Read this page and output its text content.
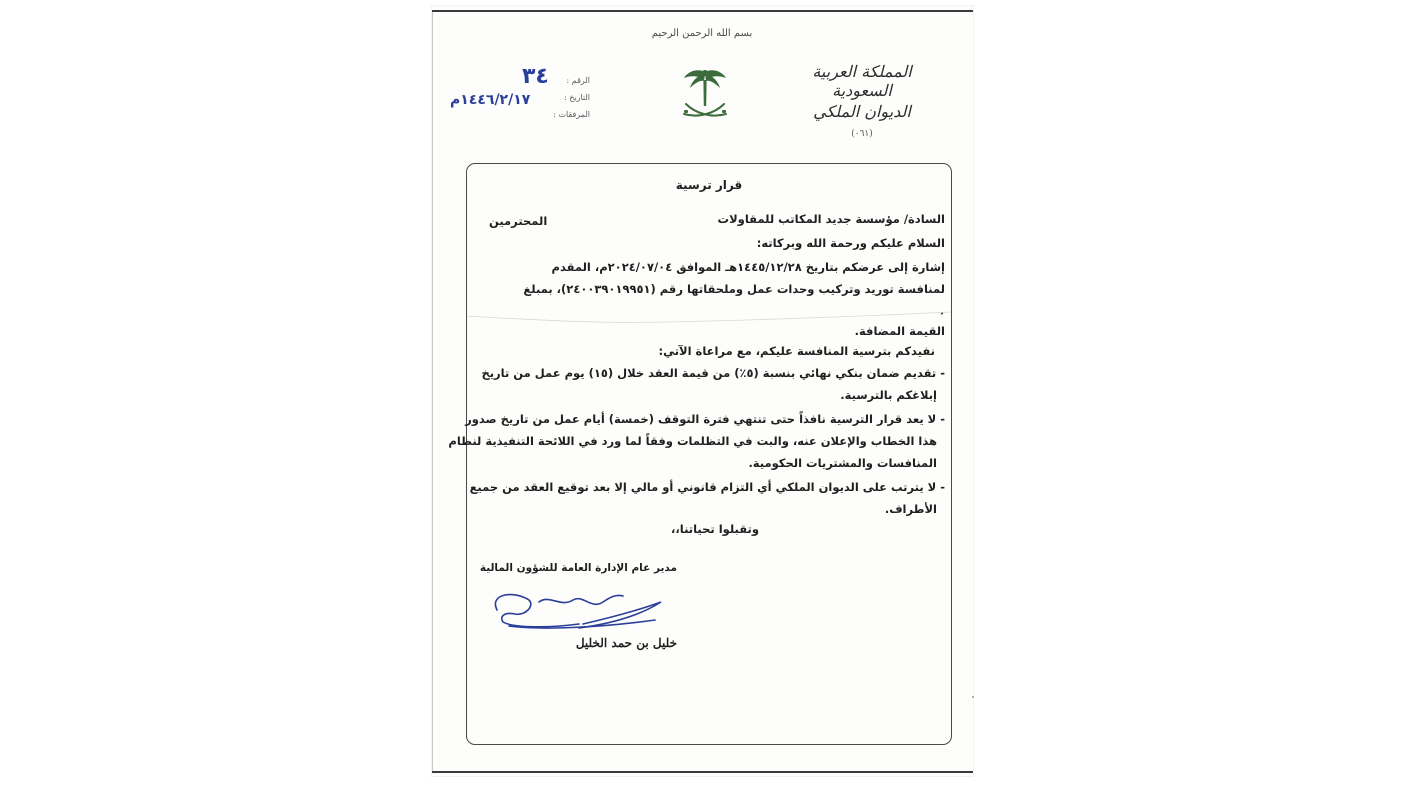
بسم الله الرحمن الرحيم
المملكة العربية السعودية
الديوان الملكي
(٠٦١)
الرقم :
التاريخ :
المرفقات :
٣٤
١٤٤٦/٢/١٧م
قرار ترسية
السادة/ مؤسسة جديد المكاتب للمقاولات
السلام عليكم ورحمة الله وبركاته:
إشارة إلى عرضكم بتاريخ ١٤٤٥/١٢/٢٨هـ الموافق ٢٠٢٤/٠٧/٠٤م، المقدم
لمنافسة توريد وتركيب وحدات عمل وملحقاتها رقم (٢٤٠٠٣٩٠١٩٩٥١)، بمبلغ
القيمة المضافة.
نفيدكم بترسية المنافسة عليكم، مع مراعاة الآتي:
- تقديم ضمان بنكي نهائي بنسبة (٥٪) من قيمة العقد خلال (١٥) يوم عمل من تاريخ
إبلاغكم بالترسية.
- لا يعد قرار الترسية نافذاً حتى تنتهي فترة التوقف (خمسة) أيام عمل من تاريخ صدور
هذا الخطاب والإعلان عنه، والبت في التظلمات وفقاً لما ورد في اللائحة التنفيذية لنظام
المنافسات والمشتريات الحكومية.
- لا يترتب على الديوان الملكي أي التزام قانوني أو مالي إلا بعد توقيع العقد من جميع
الأطراف.
وتقبلوا تحياتنا،،
المحترمين
مدير عام الإدارة العامة للشؤون المالية
خليل بن حمد الخليل
